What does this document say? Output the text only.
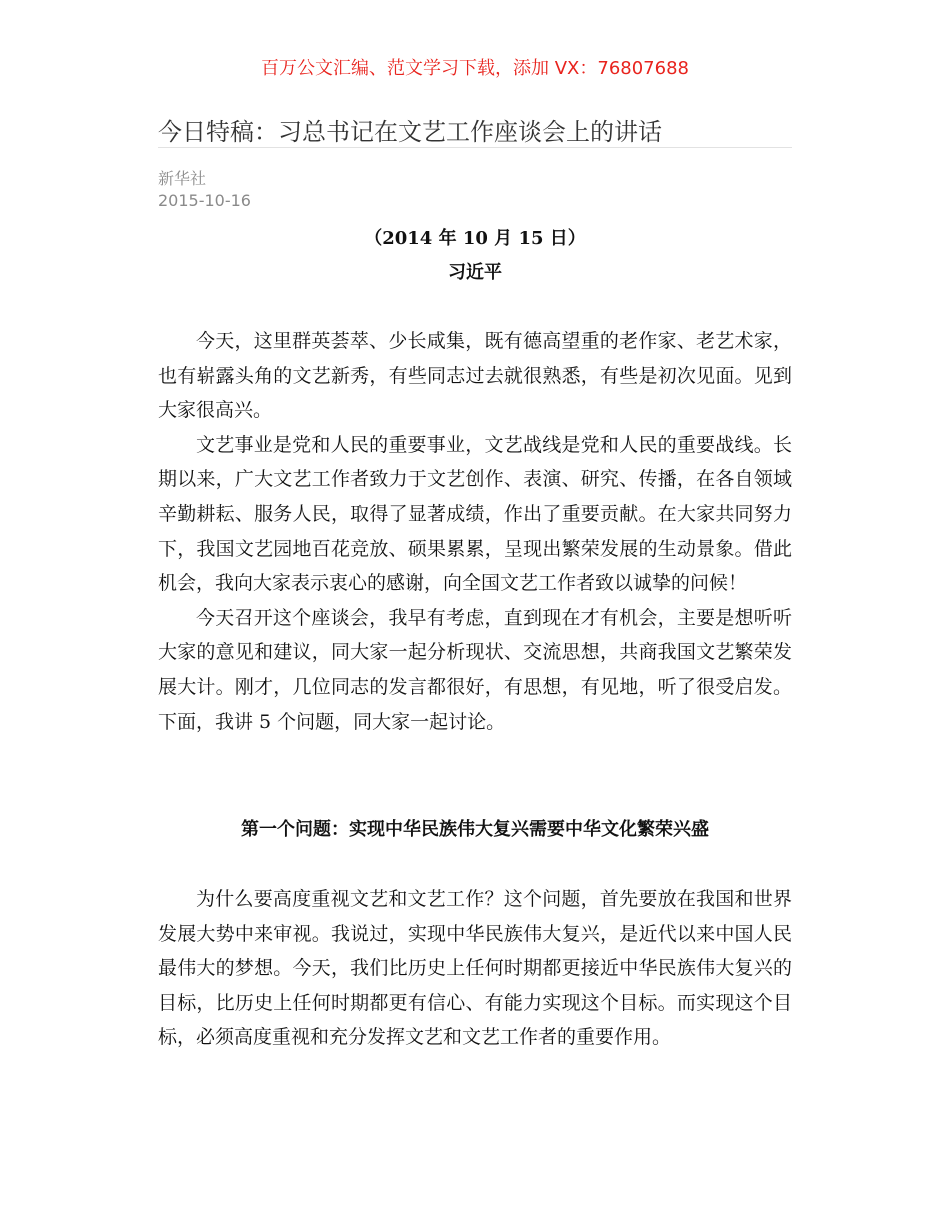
百万公文汇编、范文学习下载，添加 VX：76807688
今日特稿：习总书记在文艺工作座谈会上的讲话
新华社
2015-10-16
（2014 年 10 月 15 日）
习近平

今天，这里群英荟萃、少长咸集，既有德高望重的老作家、老艺术家，也有崭露头角的文艺新秀，有些同志过去就很熟悉，有些是初次见面。见到大家很高兴。

文艺事业是党和人民的重要事业，文艺战线是党和人民的重要战线。长期以来，广大文艺工作者致力于文艺创作、表演、研究、传播，在各自领域辛勤耕耘、服务人民，取得了显著成绩，作出了重要贡献。在大家共同努力下，我国文艺园地百花竞放、硕果累累，呈现出繁荣发展的生动景象。借此机会，我向大家表示衷心的感谢，向全国文艺工作者致以诚挚的问候！

今天召开这个座谈会，我早有考虑，直到现在才有机会，主要是想听听大家的意见和建议，同大家一起分析现状、交流思想，共商我国文艺繁荣发展大计。刚才，几位同志的发言都很好，有思想，有见地，听了很受启发。下面，我讲 5 个问题，同大家一起讨论。

第一个问题：实现中华民族伟大复兴需要中华文化繁荣兴盛

为什么要高度重视文艺和文艺工作？这个问题，首先要放在我国和世界发展大势中来审视。我说过，实现中华民族伟大复兴，是近代以来中国人民最伟大的梦想。今天，我们比历史上任何时期都更接近中华民族伟大复兴的目标，比历史上任何时期都更有信心、有能力实现这个目标。而实现这个目标，必须高度重视和充分发挥文艺和文艺工作者的重要作用。
